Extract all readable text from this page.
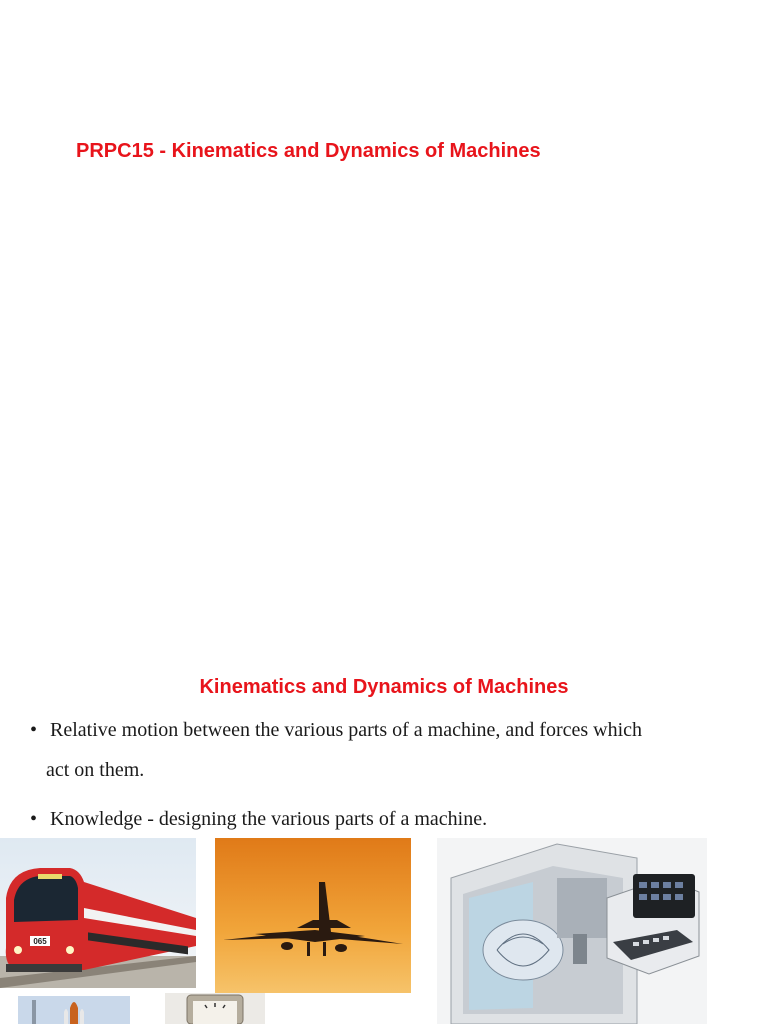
PRPC15 - Kinematics and Dynamics of Machines
Kinematics and Dynamics of Machines
• Relative motion between the various parts of a machine, and forces which
act on them.
• Knowledge - designing the various parts of a machine.
065
